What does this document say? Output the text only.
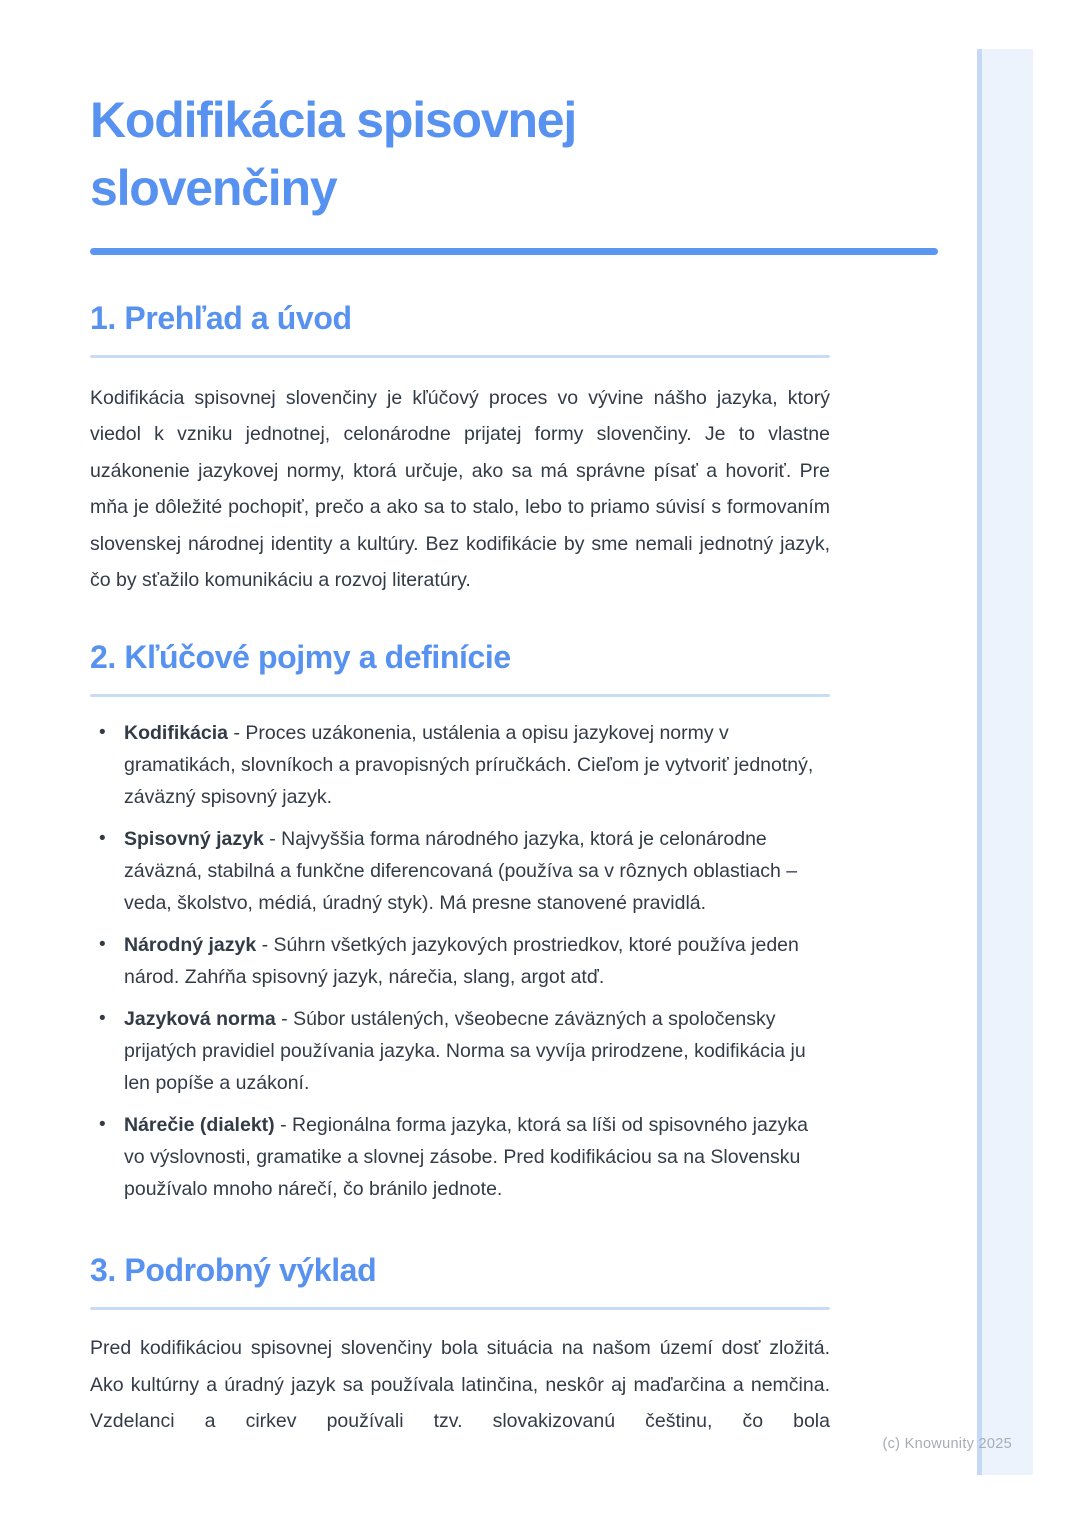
Kodifikácia spisovnej slovenčiny
1. Prehľad a úvod

Kodifikácia spisovnej slovenčiny je kľúčový proces vo vývine nášho jazyka, ktorý viedol k vzniku jednotnej, celonárodne prijatej formy slovenčiny. Je to vlastne uzákonenie jazykovej normy, ktorá určuje, ako sa má správne písať a hovoriť. Pre mňa je dôležité pochopiť, prečo a ako sa to stalo, lebo to priamo súvisí s formovaním slovenskej národnej identity a kultúry. Bez kodifikácie by sme nemali jednotný jazyk, čo by sťažilo komunikáciu a rozvoj literatúry.

2. Kľúčové pojmy a definície
• Kodifikácia - Proces uzákonenia, ustálenia a opisu jazykovej normy v gramatikách, slovníkoch a pravopisných príručkách. Cieľom je vytvoriť jednotný, záväzný spisovný jazyk.
• Spisovný jazyk - Najvyššia forma národného jazyka, ktorá je celonárodne záväzná, stabilná a funkčne diferencovaná (používa sa v rôznych oblastiach – veda, školstvo, médiá, úradný styk). Má presne stanovené pravidlá.
• Národný jazyk - Súhrn všetkých jazykových prostriedkov, ktoré používa jeden národ. Zahŕňa spisovný jazyk, nárečia, slang, argot atď.
• Jazyková norma - Súbor ustálených, všeobecne záväzných a spoločensky prijatých pravidiel používania jazyka. Norma sa vyvíja prirodzene, kodifikácia ju len popíše a uzákoní.
• Nárečie (dialekt) - Regionálna forma jazyka, ktorá sa líši od spisovného jazyka vo výslovnosti, gramatike a slovnej zásobe. Pred kodifikáciou sa na Slovensku používalo mnoho nárečí, čo bránilo jednote.
3. Podrobný výklad

Pred kodifikáciou spisovnej slovenčiny bola situácia na našom území dosť zložitá. Ako kultúrny a úradný jazyk sa používala latinčina, neskôr aj maďarčina a nemčina. Vzdelanci a cirkev používali tzv. slovakizovanú češtinu, čo bola

(c) Knowunity 2025
